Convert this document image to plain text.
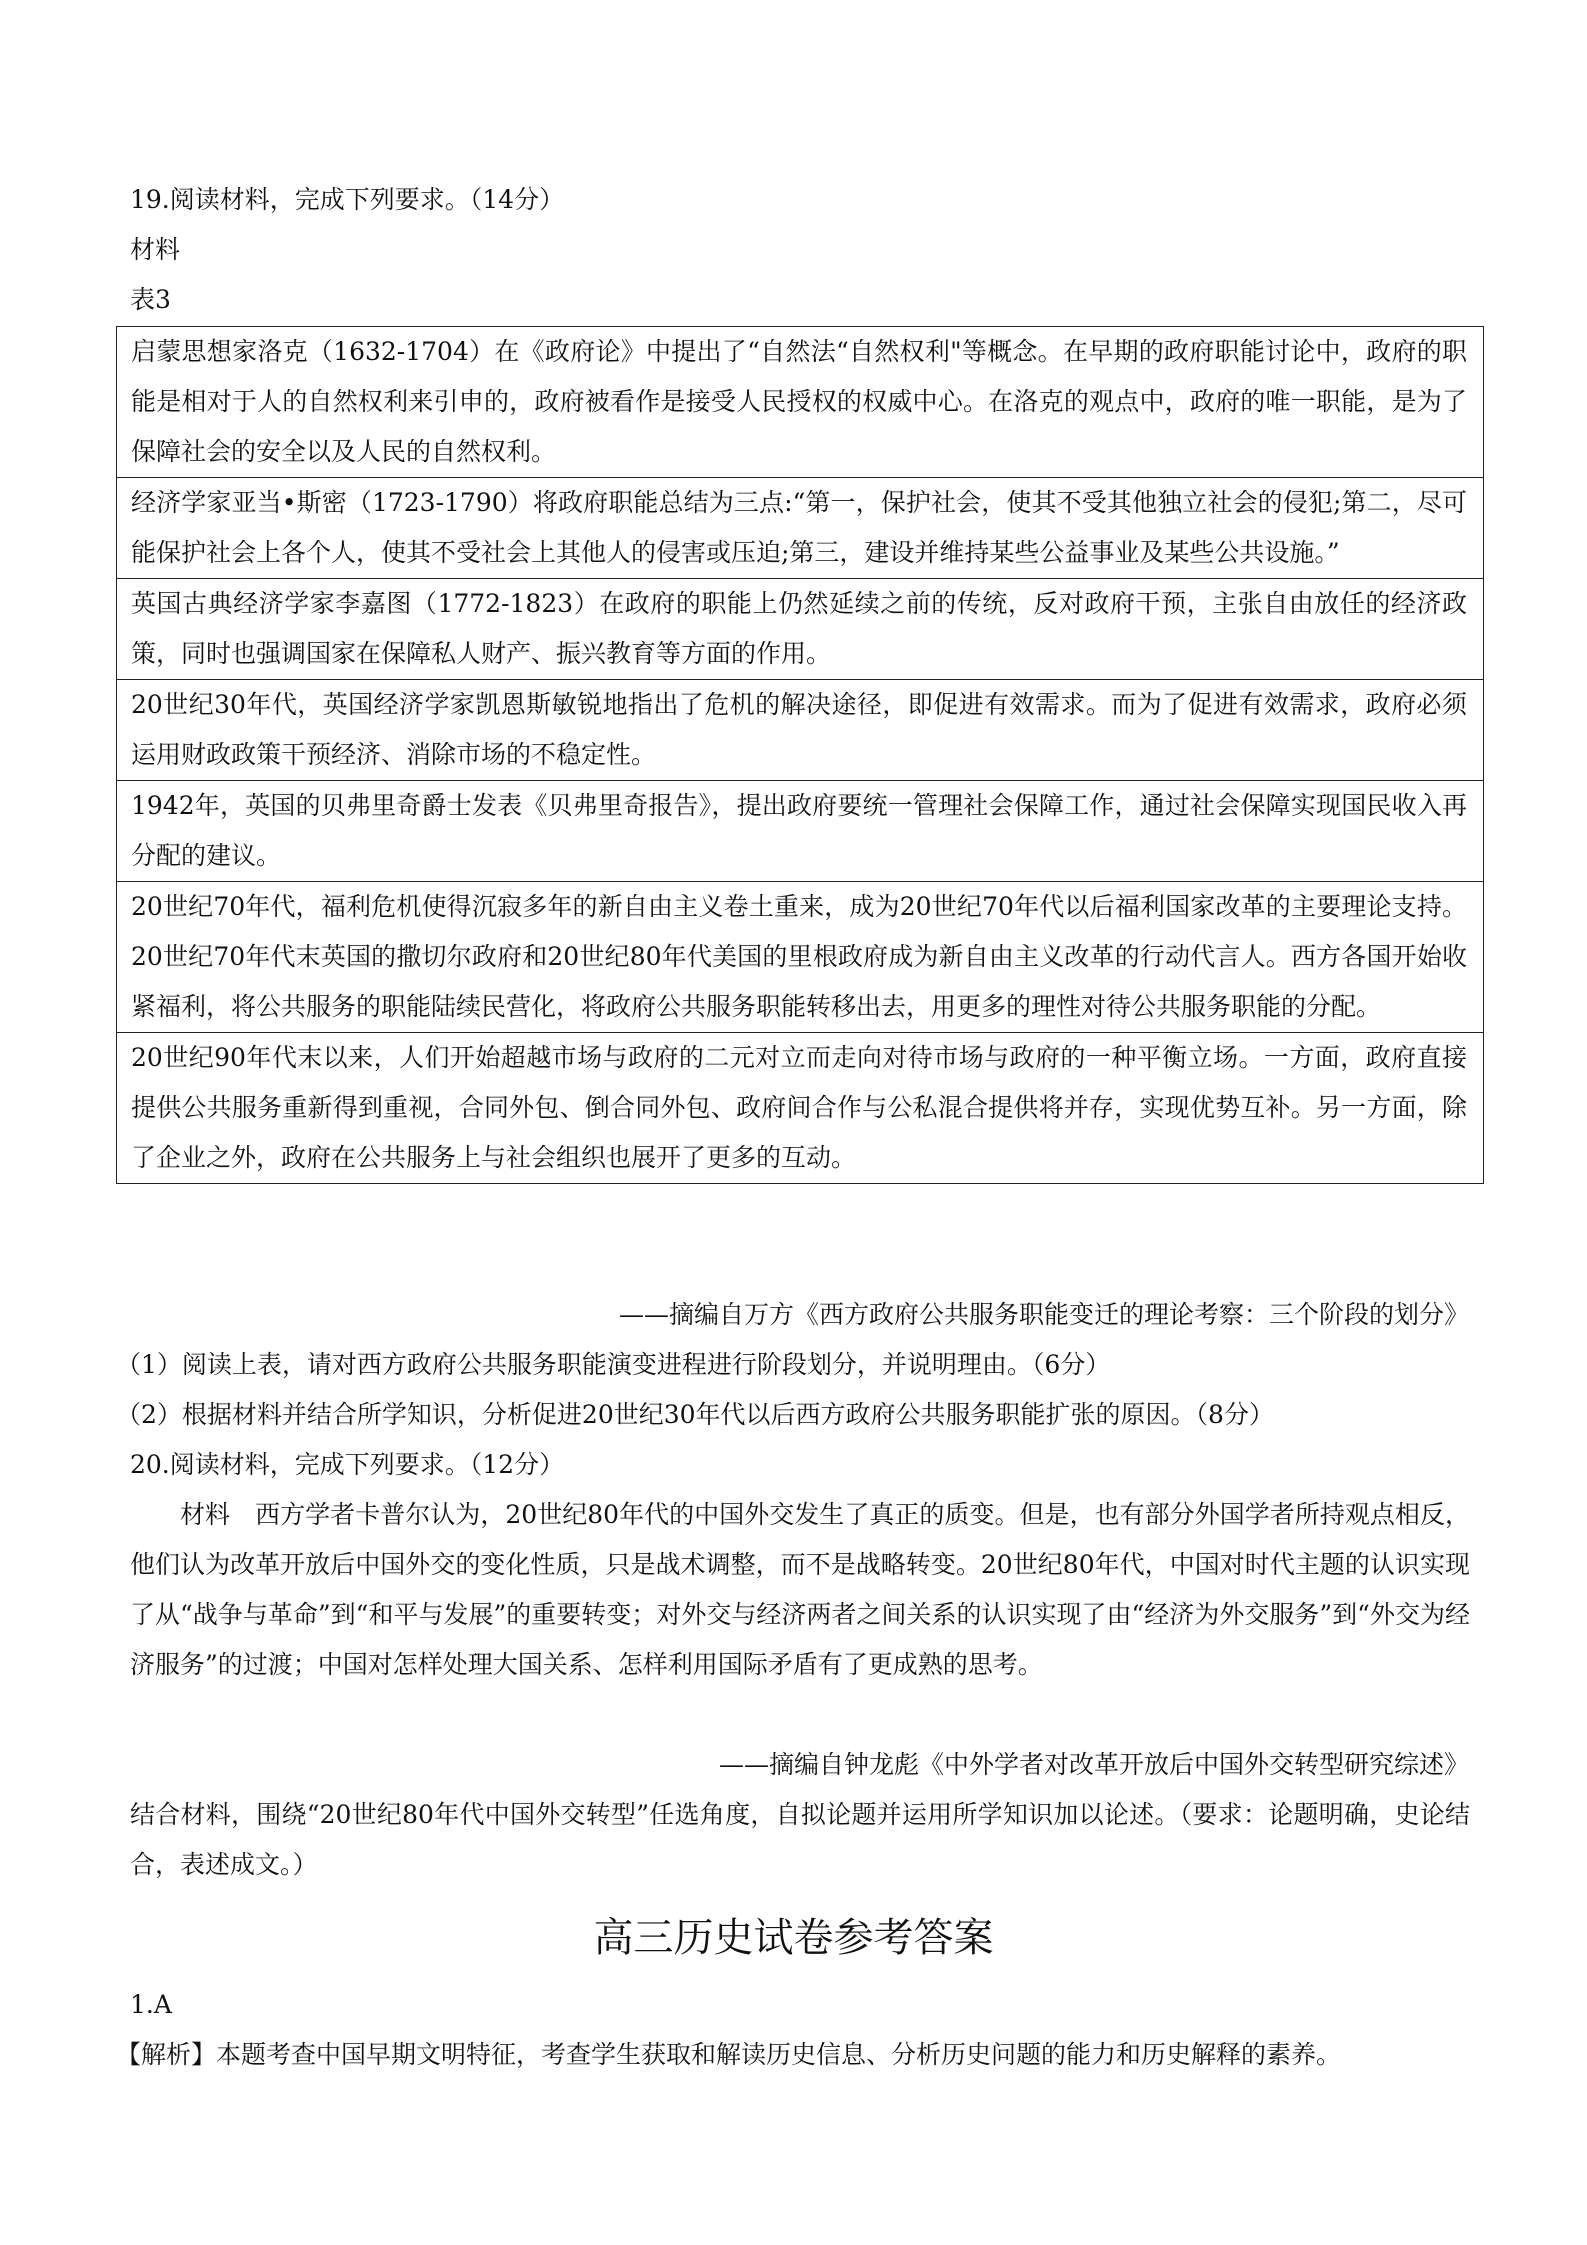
19.阅读材料，完成下列要求。（14分）
材料
表3
启蒙思想家洛克（1632-1704）在《政府论》中提出了“自然法“自然权利"等概念。在早期的政府职能讨论中，政府的职能是相对于人的自然权利来引申的，政府被看作是接受人民授权的权威中心。在洛克的观点中，政府的唯一职能，是为了保障社会的安全以及人民的自然权利。
经济学家亚当•斯密（1723-1790）将政府职能总结为三点:“第一，保护社会，使其不受其他独立社会的侵犯;第二，尽可能保护社会上各个人，使其不受社会上其他人的侵害或压迫;第三，建设并维持某些公益事业及某些公共设施。”
英国古典经济学家李嘉图（1772-1823）在政府的职能上仍然延续之前的传统，反对政府干预，主张自由放任的经济政策，同时也强调国家在保障私人财产、振兴教育等方面的作用。
20世纪30年代，英国经济学家凯恩斯敏锐地指出了危机的解决途径，即促进有效需求。而为了促进有效需求，政府必须运用财政政策干预经济、消除市场的不稳定性。
1942年，英国的贝弗里奇爵士发表《贝弗里奇报告》，提出政府要统一管理社会保障工作，通过社会保障实现国民收入再分配的建议。
20世纪70年代，福利危机使得沉寂多年的新自由主义卷土重来，成为20世纪70年代以后福利国家改革的主要理论支持。20世纪70年代末英国的撒切尔政府和20世纪80年代美国的里根政府成为新自由主义改革的行动代言人。西方各国开始收紧福利，将公共服务的职能陆续民营化，将政府公共服务职能转移出去，用更多的理性对待公共服务职能的分配。
20世纪90年代末以来，人们开始超越市场与政府的二元对立而走向对待市场与政府的一种平衡立场。一方面，政府直接提供公共服务重新得到重视，合同外包、倒合同外包、政府间合作与公私混合提供将并存，实现优势互补。另一方面，除了企业之外，政府在公共服务上与社会组织也展开了更多的互动。
——摘编自万方《西方政府公共服务职能变迁的理论考察：三个阶段的划分》
（1）阅读上表，请对西方政府公共服务职能演变进程进行阶段划分，并说明理由。（6分）
（2）根据材料并结合所学知识，分析促进20世纪30年代以后西方政府公共服务职能扩张的原因。（8分）
20.阅读材料，完成下列要求。（12分）
材料　西方学者卡普尔认为，20世纪80年代的中国外交发生了真正的质变。但是，也有部分外国学者所持观点相反，他们认为改革开放后中国外交的变化性质，只是战术调整，而不是战略转变。20世纪80年代，中国对时代主题的认识实现了从“战争与革命”到“和平与发展”的重要转变；对外交与经济两者之间关系的认识实现了由“经济为外交服务”到“外交为经济服务”的过渡；中国对怎样处理大国关系、怎样利用国际矛盾有了更成熟的思考。
——摘编自钟龙彪《中外学者对改革开放后中国外交转型研究综述》
结合材料，围绕“20世纪80年代中国外交转型”任选角度，自拟论题并运用所学知识加以论述。（要求：论题明确，史论结合，表述成文。）
高三历史试卷参考答案
1.A
【解析】本题考查中国早期文明特征，考查学生获取和解读历史信息、分析历史问题的能力和历史解释的素养。
